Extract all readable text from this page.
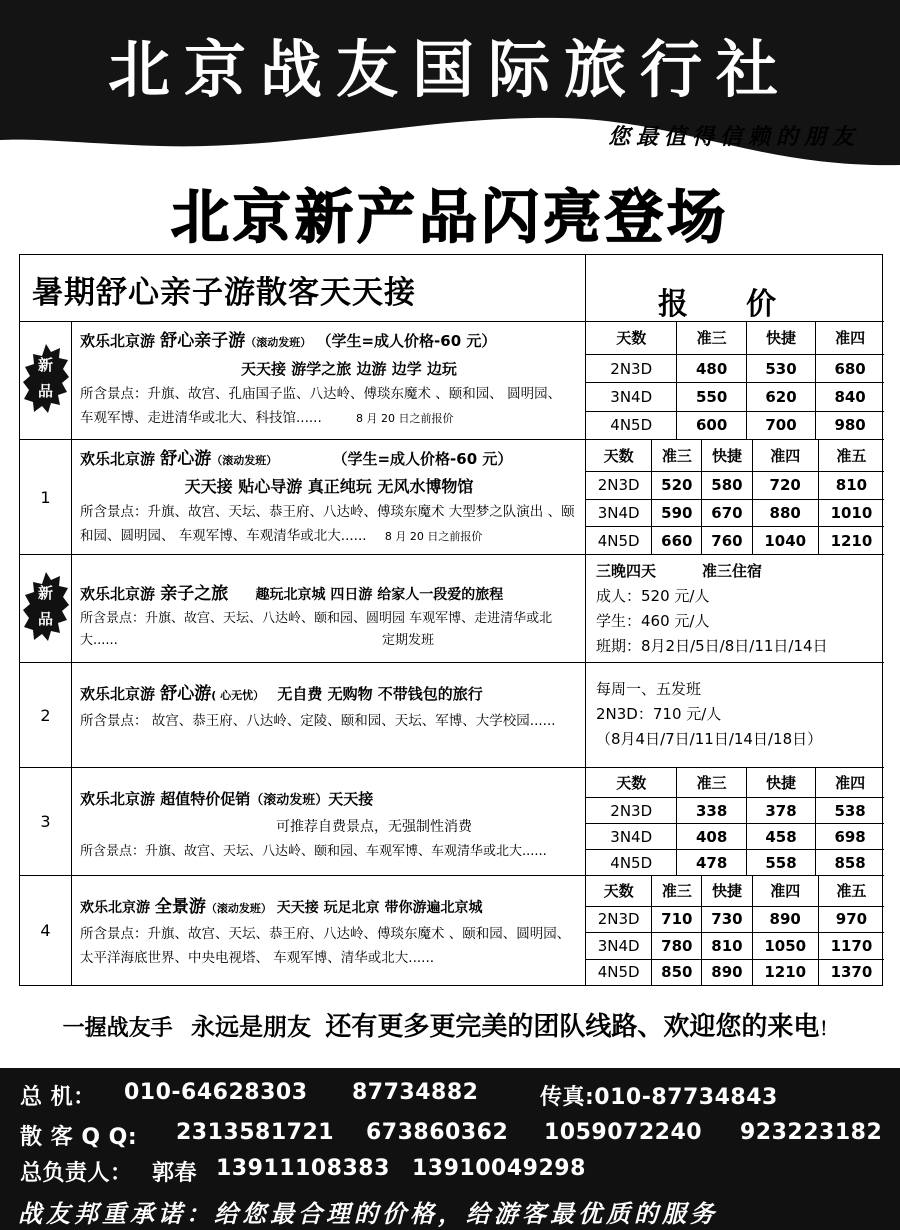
北京战友国际旅行社
您最值得信赖的朋友
北京新产品闪亮登场
暑期舒心亲子游散客天天接	报 价
新
品
欢乐北京游 舒心亲子游（滚动发班） （学生=成人价格-60 元）
天天接 游学之旅 边游 边学 边玩
所含景点：升旗、故宫、孔庙国子监、八达岭、傅琰东魔术 、颐和园、 圆明园、 车观军博、走进清华或北大、科技馆......	8 月 20 日之前报价
天数	准三	快捷	准四
2N3D	480	530	680
3N4D	550	620	840
4N5D	600	700	980
1
欢乐北京游 舒心游（滚动发班）	（学生=成人价格-60 元）
天天接 贴心导游 真正纯玩 无风水博物馆
所含景点：升旗、故宫、天坛、恭王府、八达岭、傅琰东魔术 大型梦之队演出 、颐和园、圆明园、 车观军博、车观清华或北大...... 8 月 20 日之前报价
天数	准三	快捷	准四	准五
2N3D	520	580	720	810
3N4D	590	670	880	1010
4N5D	660	760	1040	1210
新
品
欢乐北京游 亲子之旅 趣玩北京城 四日游 给家人一段爱的旅程
所含景点：升旗、故宫、天坛、八达岭、颐和园、圆明园 车观军博、走进清华或北大......	定期发班
三晚四天	准三住宿
成人：520 元/人
学生：460 元/人
班期：8月2日/5日/8日/11日/14日
2
欢乐北京游 舒心游( 心无忧） 无自费 无购物 不带钱包的旅行
所含景点： 故宫、恭王府、八达岭、定陵、颐和园、天坛、军博、大学校园......
每周一、五发班
2N3D：710 元/人
（8月4日/7日/11日/14日/18日）
3
欢乐北京游 超值特价促销（滚动发班）天天接
可推荐自费景点，无强制性消费
所含景点：升旗、故宫、天坛、八达岭、颐和园、车观军博、车观清华或北大......
天数	准三	快捷	准四
2N3D	338	378	538
3N4D	408	458	698
4N5D	478	558	858
4
欢乐北京游 全景游（滚动发班） 天天接 玩足北京 带你游遍北京城
所含景点：升旗、故宫、天坛、恭王府、八达岭、傅琰东魔术 、颐和园、圆明园、太平洋海底世界、中央电视塔、 车观军博、清华或北大......
天数	准三	快捷	准四	准五
2N3D	710	730	890	970
3N4D	780	810	1050	1170
4N5D	850	890	1210	1370
一握战友手 永远是朋友 还有更多更完美的团队线路、欢迎您的来电！
总 机： 010-64628303 87734882	传真:010-87734843
散 客 Q Q: 2313581721 673860362 1059072240 923223182
总负责人： 郭春 13911108383 13910049298
战友邦重承诺：给您最合理的价格，给游客最优质的服务
